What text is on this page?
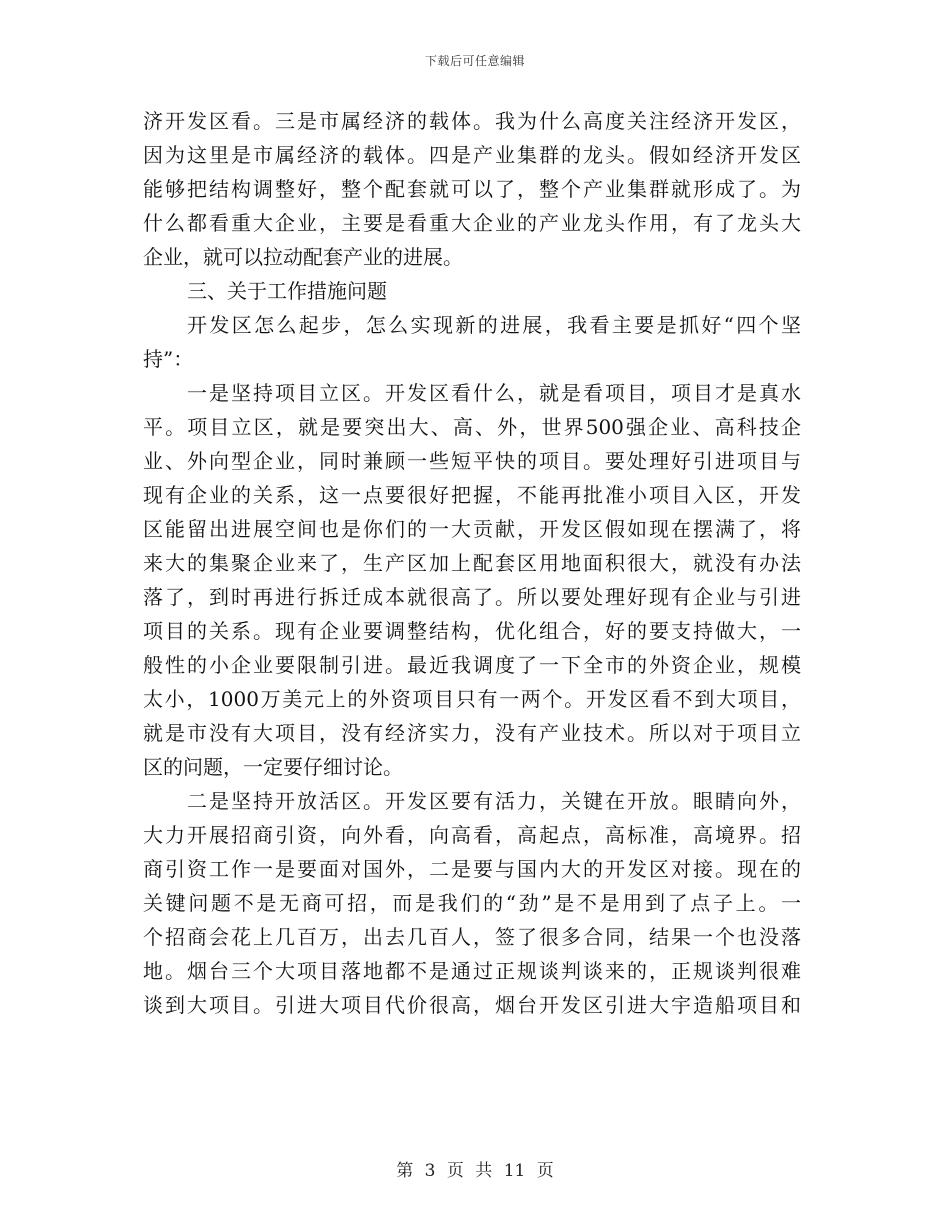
下载后可任意编辑
济开发区看。三是市属经济的载体。我为什么高度关注经济开发区，
因为这里是市属经济的载体。四是产业集群的龙头。假如经济开发区
能够把结构调整好，整个配套就可以了，整个产业集群就形成了。为
什么都看重大企业，主要是看重大企业的产业龙头作用，有了龙头大
企业，就可以拉动配套产业的进展。
三、关于工作措施问题
开发区怎么起步，怎么实现新的进展，我看主要是抓好“四个坚
持”：
一是坚持项目立区。开发区看什么，就是看项目，项目才是真水
平。项目立区，就是要突出大、高、外，世界500强企业、高科技企
业、外向型企业，同时兼顾一些短平快的项目。要处理好引进项目与
现有企业的关系，这一点要很好把握，不能再批准小项目入区，开发
区能留出进展空间也是你们的一大贡献，开发区假如现在摆满了，将
来大的集聚企业来了，生产区加上配套区用地面积很大，就没有办法
落了，到时再进行拆迁成本就很高了。所以要处理好现有企业与引进
项目的关系。现有企业要调整结构，优化组合，好的要支持做大，一
般性的小企业要限制引进。最近我调度了一下全市的外资企业，规模
太小，1000万美元上的外资项目只有一两个。开发区看不到大项目，
就是市没有大项目，没有经济实力，没有产业技术。所以对于项目立
区的问题，一定要仔细讨论。
二是坚持开放活区。开发区要有活力，关键在开放。眼睛向外，
大力开展招商引资，向外看，向高看，高起点，高标准，高境界。招
商引资工作一是要面对国外，二是要与国内大的开发区对接。现在的
关键问题不是无商可招，而是我们的“劲”是不是用到了点子上。一
个招商会花上几百万，出去几百人，签了很多合同，结果一个也没落
地。烟台三个大项目落地都不是通过正规谈判谈来的，正规谈判很难
谈到大项目。引进大项目代价很高，烟台开发区引进大宇造船项目和
第 3 页 共 11 页
